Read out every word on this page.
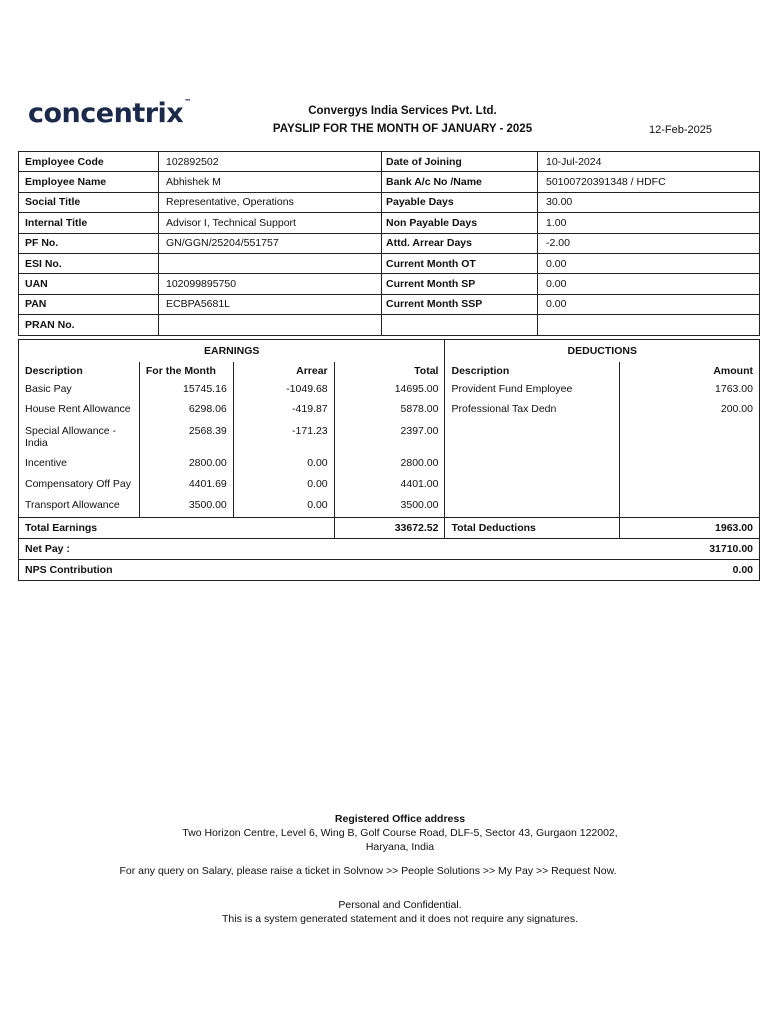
concentrix™
Convergys India Services Pvt. Ltd.
PAYSLIP FOR THE MONTH OF JANUARY - 2025	12-Feb-2025
Employee Code	102892502	Date of Joining	10-Jul-2024
Employee Name	Abhishek M	Bank A/c No /Name	50100720391348 / HDFC
Social Title	Representative, Operations	Payable Days	30.00
Internal Title	Advisor I, Technical Support	Non Payable Days	1.00
PF No.	GN/GGN/25204/551757	Attd. Arrear Days	-2.00
ESI No.		Current Month OT	0.00
UAN	102099895750	Current Month SP	0.00
PAN	ECBPA5681L	Current Month SSP	0.00
PRAN No.			
EARNINGS				DEDUCTIONS	
Description	For the Month	Arrear	Total	Description	Amount
Basic Pay	15745.16	-1049.68	14695.00	Provident Fund Employee	1763.00
House Rent Allowance	6298.06	-419.87	5878.00	Professional Tax Dedn	200.00
Special Allowance - India	2568.39	-171.23	2397.00		
Incentive	2800.00	0.00	2800.00		
Compensatory Off Pay	4401.69	0.00	4401.00		
Transport Allowance	3500.00	0.00	3500.00		
Total Earnings			33672.52	Total Deductions	1963.00
Net Pay :					31710.00
NPS Contribution					0.00
Registered Office address
Two Horizon Centre, Level 6, Wing B, Golf Course Road, DLF-5, Sector 43, Gurgaon 122002,
Haryana, India
For any query on Salary, please raise a ticket in Solvnow >> People Solutions >> My Pay >> Request Now.
Personal and Confidential.
This is a system generated statement and it does not require any signatures.
